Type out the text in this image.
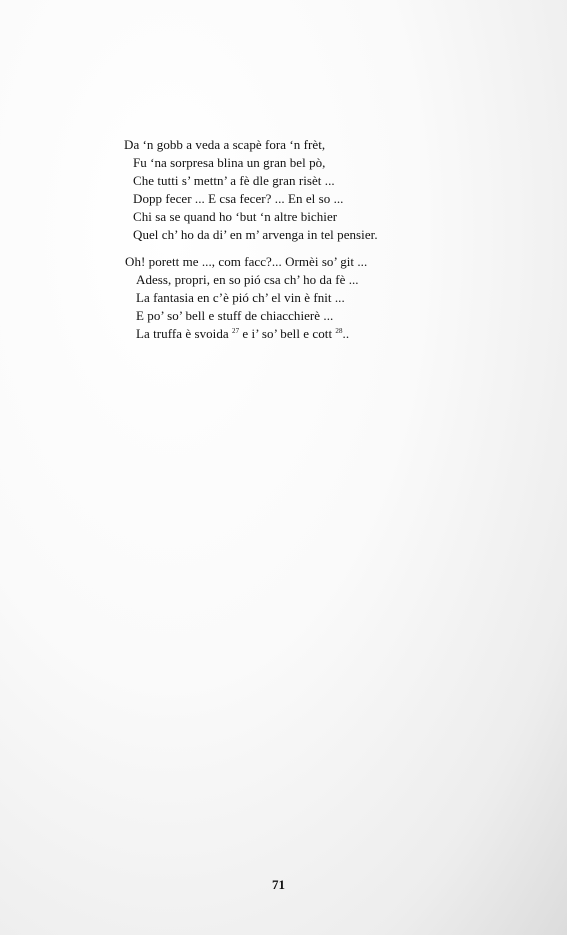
Da ‘n gobb a veda a scapè fora ‘n frèt,
Fu ‘na sorpresa blina un gran bel pò,
Che tutti s’ mettn’ a fè dle gran risèt ...
Dopp fecer ... E csa fecer? ... En el so ...
Chi sa se quand ho ‘but ‘n altre bichier
Quel ch’ ho da di’ en m’ arvenga in tel pensier.
Oh! porett me ..., com facc?... Ormèi so’ git ...
Adess, propri, en so pió csa ch’ ho da fè ...
La fantasia en c’è pió ch’ el vin è fnit ...
E po’ so’ bell e stuff de chiacchierè ...
La truffa è svoida $^{27}$ e i’ so’ bell e cott $^{28}$..
71
